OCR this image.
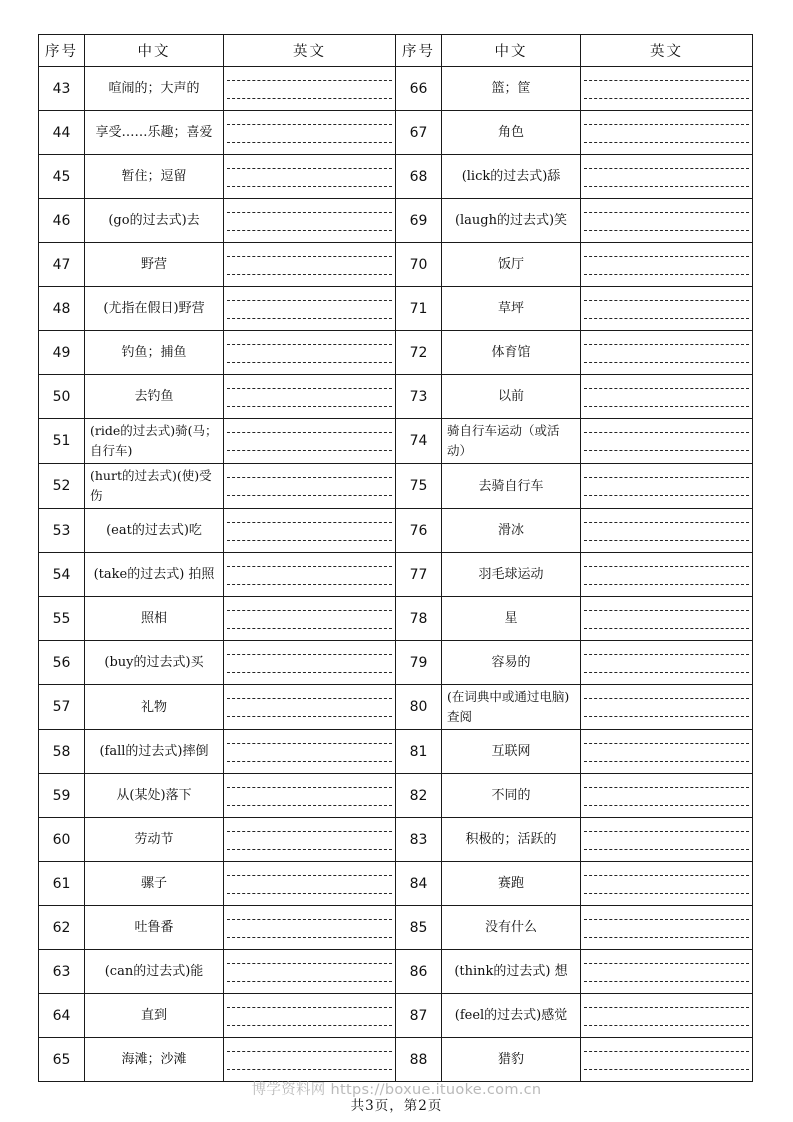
序号	中文	英文	序号	中文	英文
43	喧闹的；大声的		66	篮；筐	

44	享受……乐趣；喜爱		67	角色	

45	暂住；逗留		68	(lick的过去式)舔	

46	(go的过去式)去		69	(laugh的过去式)笑	

47	野营		70	饭厅	

48	(尤指在假日)野营		71	草坪	

49	钓鱼；捕鱼		72	体育馆	

50	去钓鱼		73	以前	

51	(ride的过去式)骑(马；自行车)		74	骑自行车运动（或活动）	

52	(hurt的过去式)(使)受伤		75	去骑自行车	

53	(eat的过去式)吃		76	滑冰	

54	(take的过去式) 拍照		77	羽毛球运动	

55	照相		78	星	

56	(buy的过去式)买		79	容易的	

57	礼物		80	(在词典中或通过电脑)查阅	

58	(fall的过去式)摔倒		81	互联网	

59	从(某处)落下		82	不同的	

60	劳动节		83	积极的；活跃的	

61	骡子		84	赛跑	

62	吐鲁番		85	没有什么	

63	(can的过去式)能		86	(think的过去式) 想	

64	直到		87	(feel的过去式)感觉	

65	海滩；沙滩		88	猎豹	
博学资料网 https://boxue.ituoke.com.cn
共3页，第2页
